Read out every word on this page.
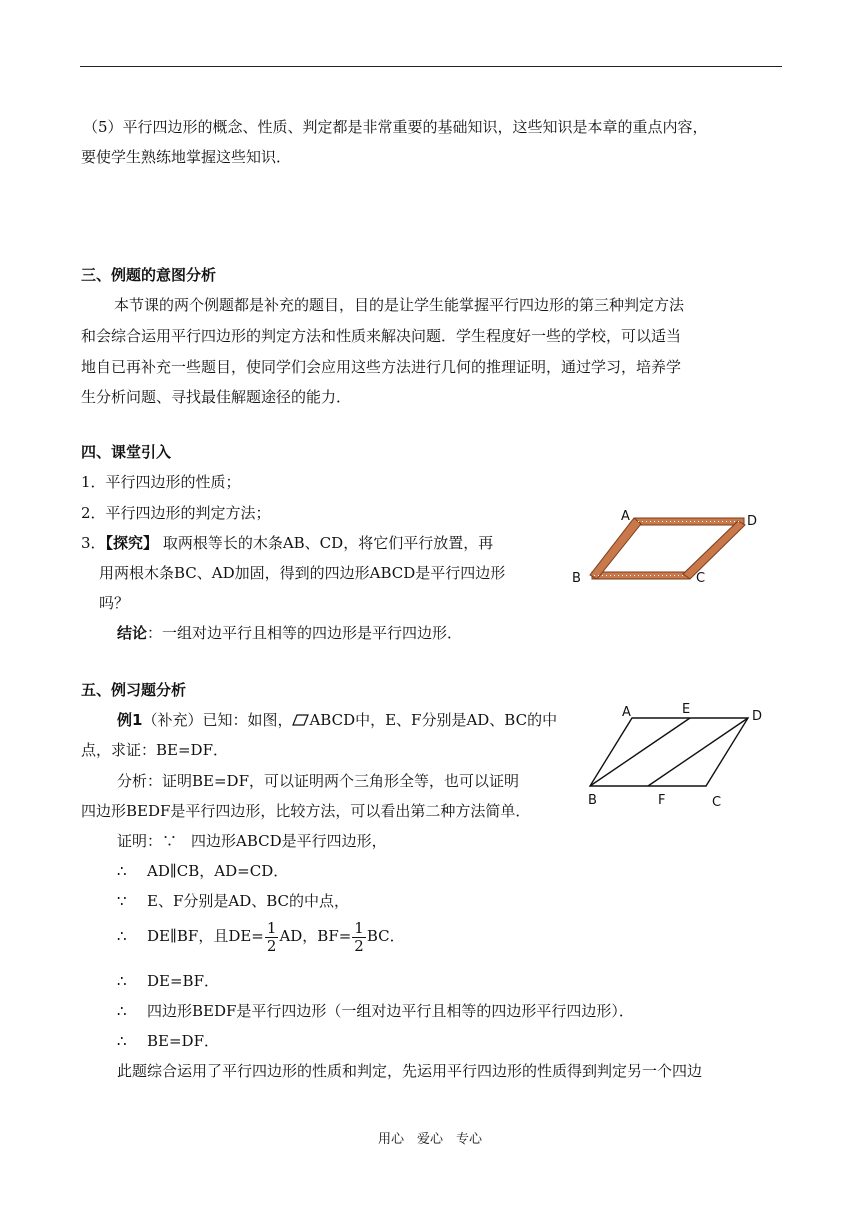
（5）平行四边形的概念、性质、判定都是非常重要的基础知识，这些知识是本章的重点内容，
要使学生熟练地掌握这些知识．
三、例题的意图分析
本节课的两个例题都是补充的题目，目的是让学生能掌握平行四边形的第三种判定方法
和会综合运用平行四边形的判定方法和性质来解决问题．学生程度好一些的学校，可以适当
地自已再补充一些题目，使同学们会应用这些方法进行几何的推理证明，通过学习，培养学
生分析问题、寻找最佳解题途径的能力．
四、课堂引入
1．平行四边形的性质；
2．平行四边形的判定方法；
3．【探究】 取两根等长的木条AB、CD，将它们平行放置，再
用两根木条BC、AD加固，得到的四边形ABCD是平行四边形
吗？
结论：一组对边平行且相等的四边形是平行四边形．
A	D
B	C
五、例习题分析
例1（补充）已知：如图， ABCD中，E、F分别是AD、BC的中
点，求证：BE=DF．
分析：证明BE=DF，可以证明两个三角形全等，也可以证明
四边形BEDF是平行四边形，比较方法，可以看出第二种方法简单．
A	E	D
B	F	C
证明：∵ 四边形ABCD是平行四边形，
∴ AD∥CB，AD=CD．
∵ E、F分别是AD、BC的中点，
∴ DE∥BF，且$DE= \frac{1}{2}$ AD，$BF= \frac{1}{2}$ BC．
∴ DE=BF．
∴ 四边形BEDF是平行四边形（一组对边平行且相等的四边形平行四边形）．
∴ BE=DF．
此题综合运用了平行四边形的性质和判定，先运用平行四边形的性质得到判定另一个四边
用心　爱心　专心
